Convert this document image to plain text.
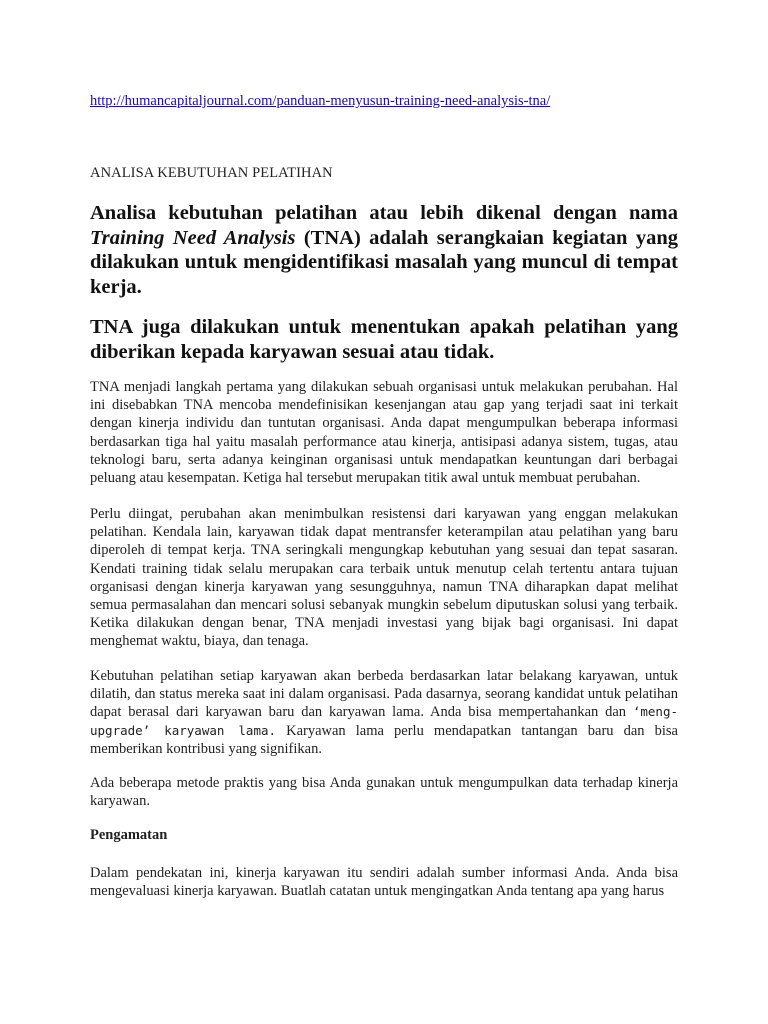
http://humancapitaljournal.com/panduan-menyusun-training-need-analysis-tna/
ANALISA KEBUTUHAN PELATIHAN
Analisa kebutuhan pelatihan atau lebih dikenal dengan nama Training Need Analysis (TNA) adalah serangkaian kegiatan yang dilakukan untuk mengidentifikasi masalah yang muncul di tempat kerja.
TNA juga dilakukan untuk menentukan apakah pelatihan yang diberikan kepada karyawan sesuai atau tidak.
TNA menjadi langkah pertama yang dilakukan sebuah organisasi untuk melakukan perubahan. Hal ini disebabkan TNA mencoba mendefinisikan kesenjangan atau gap yang terjadi saat ini terkait dengan kinerja individu dan tuntutan organisasi. Anda dapat mengumpulkan beberapa informasi berdasarkan tiga hal yaitu masalah performance atau kinerja, antisipasi adanya sistem, tugas, atau teknologi baru, serta adanya keinginan organisasi untuk mendapatkan keuntungan dari berbagai peluang atau kesempatan. Ketiga hal tersebut merupakan titik awal untuk membuat perubahan.
Perlu diingat, perubahan akan menimbulkan resistensi dari karyawan yang enggan melakukan pelatihan. Kendala lain, karyawan tidak dapat mentransfer keterampilan atau pelatihan yang baru diperoleh di tempat kerja. TNA seringkali mengungkap kebutuhan yang sesuai dan tepat sasaran. Kendati training tidak selalu merupakan cara terbaik untuk menutup celah tertentu antara tujuan organisasi dengan kinerja karyawan yang sesungguhnya, namun TNA diharapkan dapat melihat semua permasalahan dan mencari solusi sebanyak mungkin sebelum diputuskan solusi yang terbaik. Ketika dilakukan dengan benar, TNA menjadi investasi yang bijak bagi organisasi. Ini dapat menghemat waktu, biaya, dan tenaga.
Kebutuhan pelatihan setiap karyawan akan berbeda berdasarkan latar belakang karyawan, untuk dilatih, dan status mereka saat ini dalam organisasi. Pada dasarnya, seorang kandidat untuk pelatihan dapat berasal dari karyawan baru dan karyawan lama. Anda bisa mempertahankan dan ‘meng-upgrade’ karyawan lama. Karyawan lama perlu mendapatkan tantangan baru dan bisa memberikan kontribusi yang signifikan.
Ada beberapa metode praktis yang bisa Anda gunakan untuk mengumpulkan data terhadap kinerja karyawan.
Pengamatan
Dalam pendekatan ini, kinerja karyawan itu sendiri adalah sumber informasi Anda. Anda bisa mengevaluasi kinerja karyawan. Buatlah catatan untuk mengingatkan Anda tentang apa yang harus
